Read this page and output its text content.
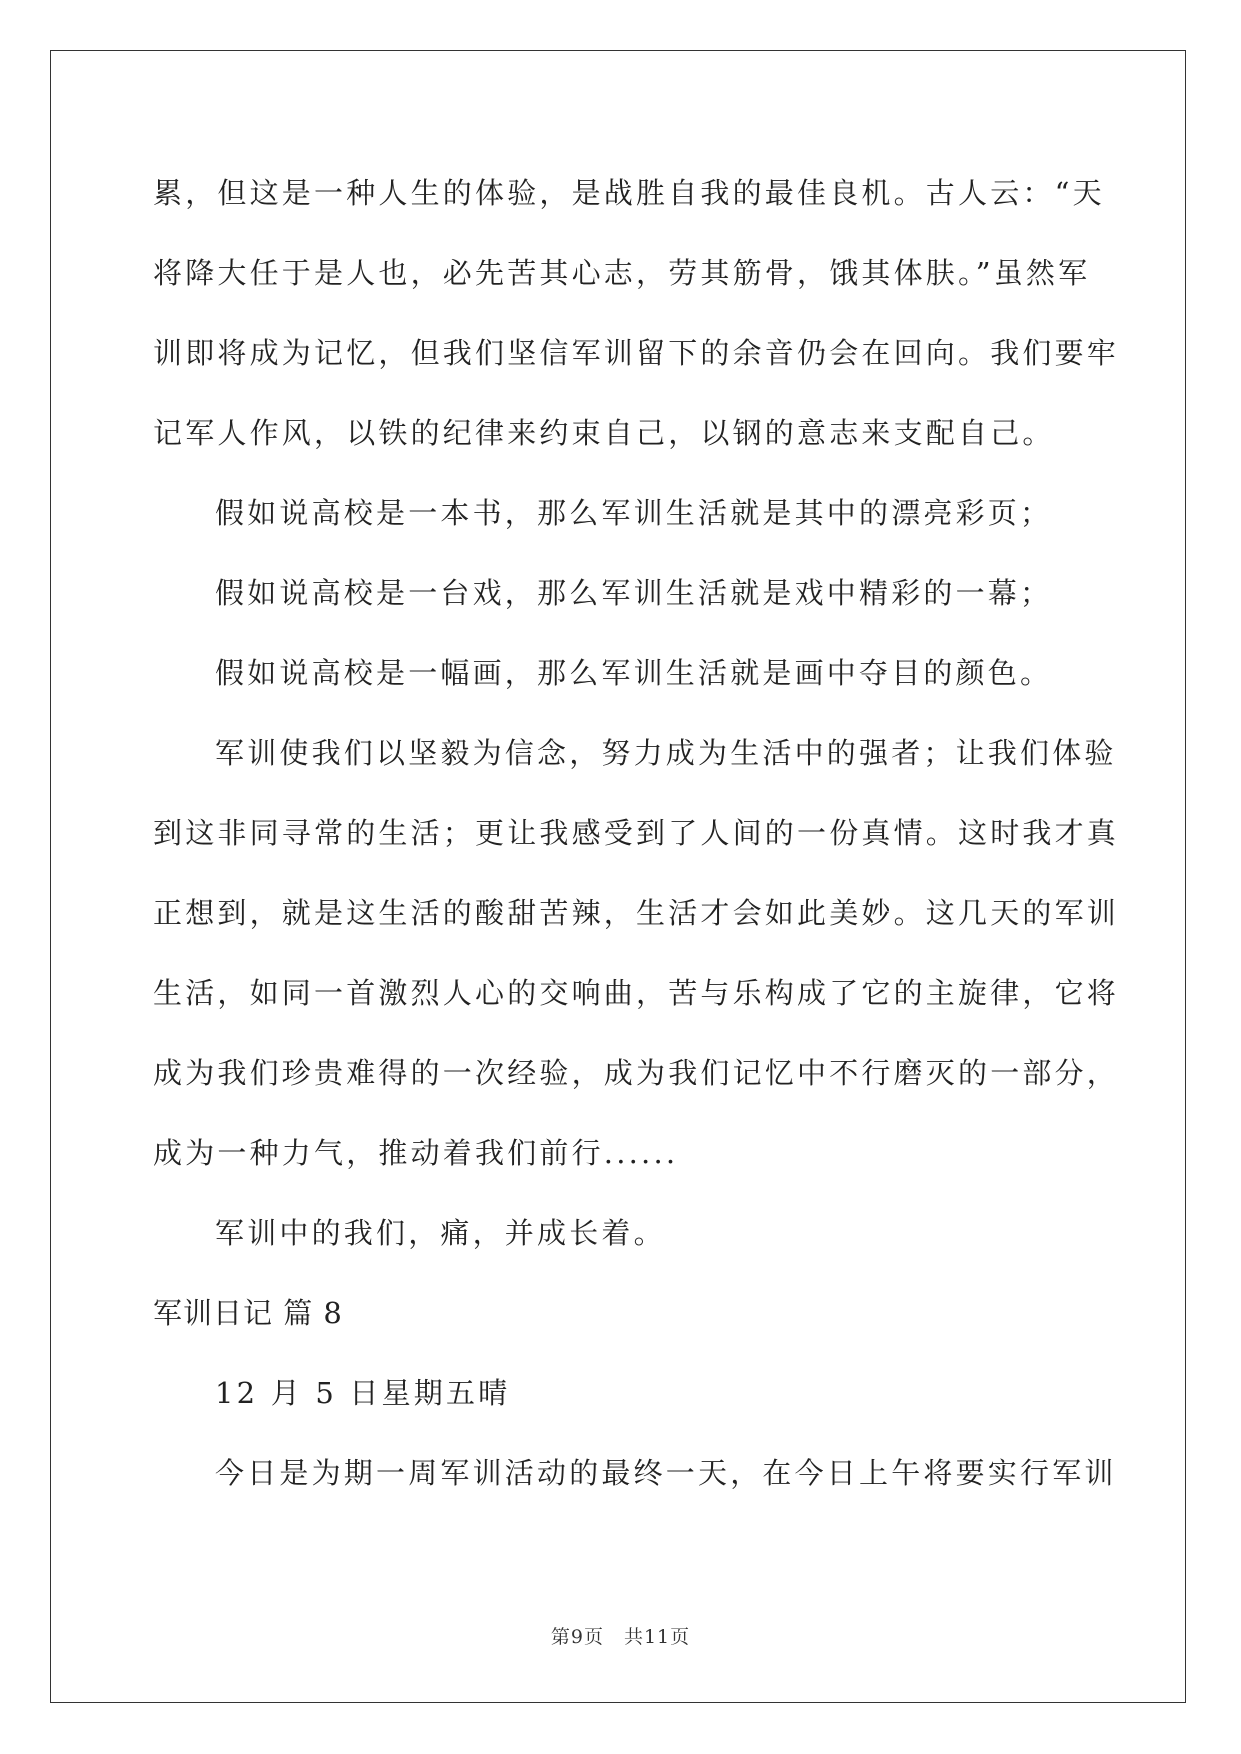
累，但这是一种人生的体验，是战胜自我的最佳良机。古人云：“天
将降大任于是人也，必先苦其心志，劳其筋骨，饿其体肤。”虽然军
训即将成为记忆，但我们坚信军训留下的余音仍会在回向。我们要牢
记军人作风，以铁的纪律来约束自己，以钢的意志来支配自己。
假如说高校是一本书，那么军训生活就是其中的漂亮彩页；
假如说高校是一台戏，那么军训生活就是戏中精彩的一幕；
假如说高校是一幅画，那么军训生活就是画中夺目的颜色。
军训使我们以坚毅为信念，努力成为生活中的强者；让我们体验
到这非同寻常的生活；更让我感受到了人间的一份真情。这时我才真
正想到，就是这生活的酸甜苦辣，生活才会如此美妙。这几天的军训
生活，如同一首激烈人心的交响曲，苦与乐构成了它的主旋律，它将
成为我们珍贵难得的一次经验，成为我们记忆中不行磨灭的一部分，
成为一种力气，推动着我们前行......
军训中的我们，痛，并成长着。
军训日记 篇 8
12 月 5 日星期五晴
今日是为期一周军训活动的最终一天，在今日上午将要实行军训
第9页　共11页
